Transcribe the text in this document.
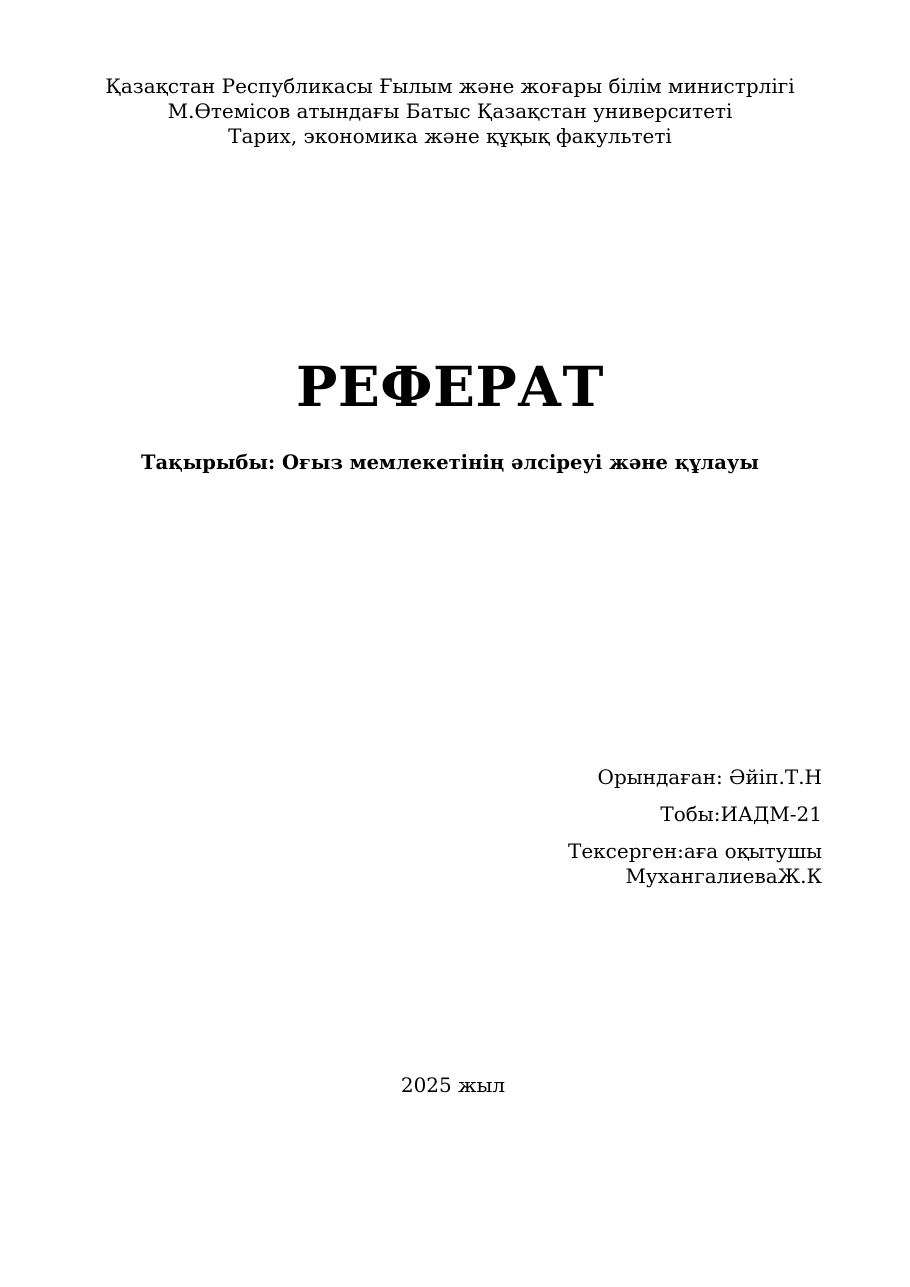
Қазақстан Республикасы Ғылым және жоғары білім министрлігі
М.Өтемісов атындағы Батыс Қазақстан университеті
Тарих, экономика және құқық факультеті
РЕФЕРАТ
Тақырыбы: Оғыз мемлекетінің әлсіреуі және құлауы
Орындаған: Әйіп.Т.Н
Тобы:ИАДМ-21
Тексерген:аға оқытушы
МухангалиеваЖ.К
2025 жыл
